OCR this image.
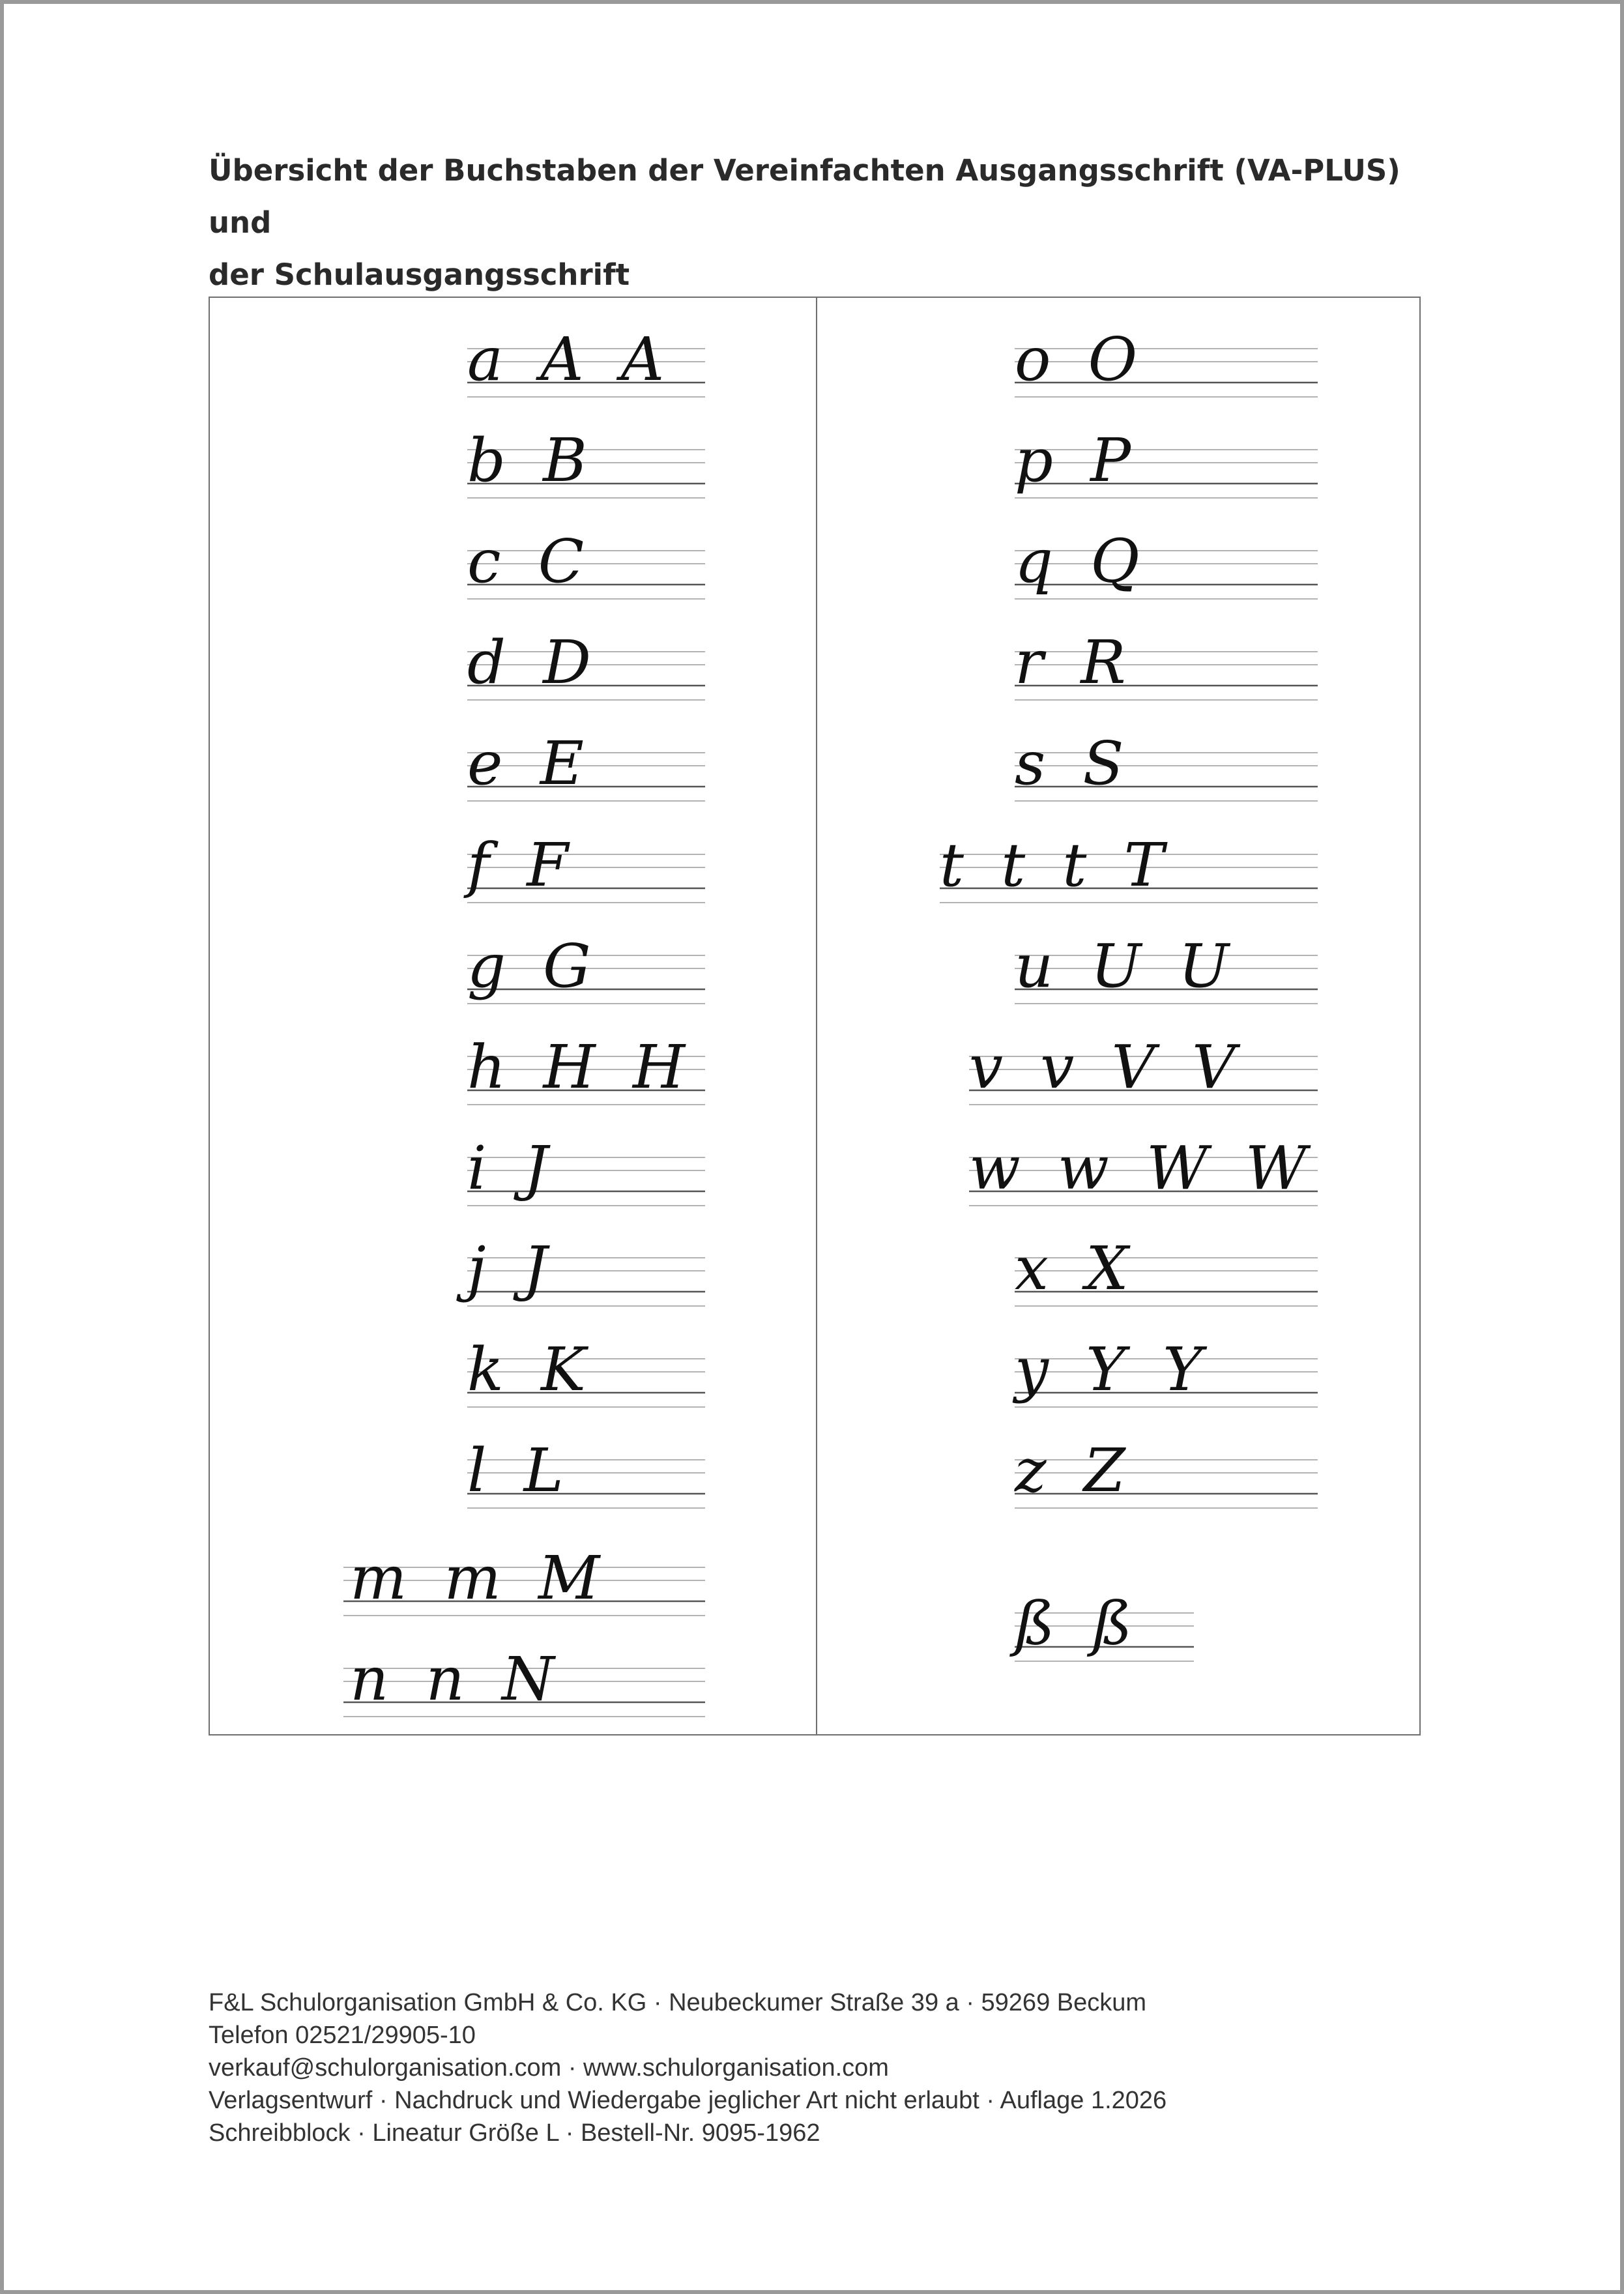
Übersicht der Buchstaben der Vereinfachten Ausgangsschrift (VA-PLUS) und
der Schulausgangsschrift
a A A
b B
c C
d D
e E
f F
g G
h H H
i J
j J
k K
l L
m m M
n n N
o O
p P
q Q
r R
s S
t t t T
u U U
v v V V
w w W W
x X
y Y Y
z Z
ß ß
F&L Schulorganisation GmbH & Co. KG · Neubeckumer Straße 39 a · 59269 Beckum
Telefon 02521/29905-10
verkauf@schulorganisation.com · www.schulorganisation.com
Verlagsentwurf · Nachdruck und Wiedergabe jeglicher Art nicht erlaubt · Auflage 1.2026
Schreibblock · Lineatur Größe L · Bestell-Nr. 9095-1962
